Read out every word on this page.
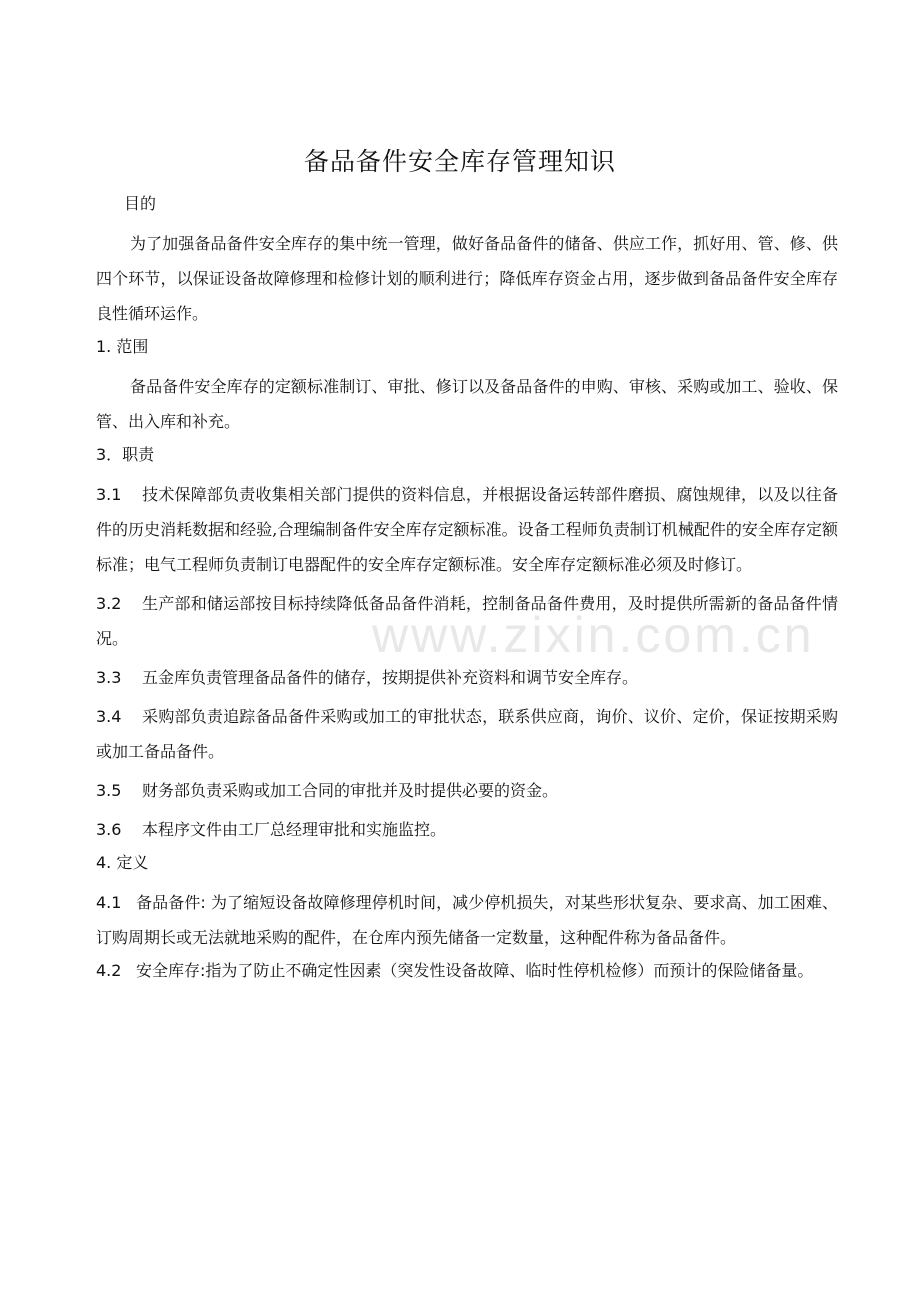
www.zixin.com.cn
备品备件安全库存管理知识

目的

为了加强备品备件安全库存的集中统一管理，做好备品备件的储备、供应工作，抓好用、管、修、供四个环节，以保证设备故障修理和检修计划的顺利进行；降低库存资金占用，逐步做到备品备件安全库存良性循环运作。

1. 范围

备品备件安全库存的定额标准制订、审批、修订以及备品备件的申购、审核、采购或加工、验收、保管、出入库和补充。

3．职责

3.1 技术保障部负责收集相关部门提供的资料信息，并根据设备运转部件磨损、腐蚀规律，以及以往备件的历史消耗数据和经验,合理编制备件安全库存定额标准。设备工程师负责制订机械配件的安全库存定额标准；电气工程师负责制订电器配件的安全库存定额标准。安全库存定额标准必须及时修订。

3.2 生产部和储运部按目标持续降低备品备件消耗，控制备品备件费用，及时提供所需新的备品备件情况。

3.3 五金库负责管理备品备件的储存，按期提供补充资料和调节安全库存。

3.4 采购部负责追踪备品备件采购或加工的审批状态，联系供应商，询价、议价、定价，保证按期采购或加工备品备件。

3.5 财务部负责采购或加工合同的审批并及时提供必要的资金。

3.6 本程序文件由工厂总经理审批和实施监控。

4. 定义

4.1 备品备件: 为了缩短设备故障修理停机时间，减少停机损失，对某些形状复杂、要求高、加工困难、订购周期长或无法就地采购的配件，在仓库内预先储备一定数量，这种配件称为备品备件。

4.2 安全库存:指为了防止不确定性因素（突发性设备故障、临时性停机检修）而预计的保险储备量。
